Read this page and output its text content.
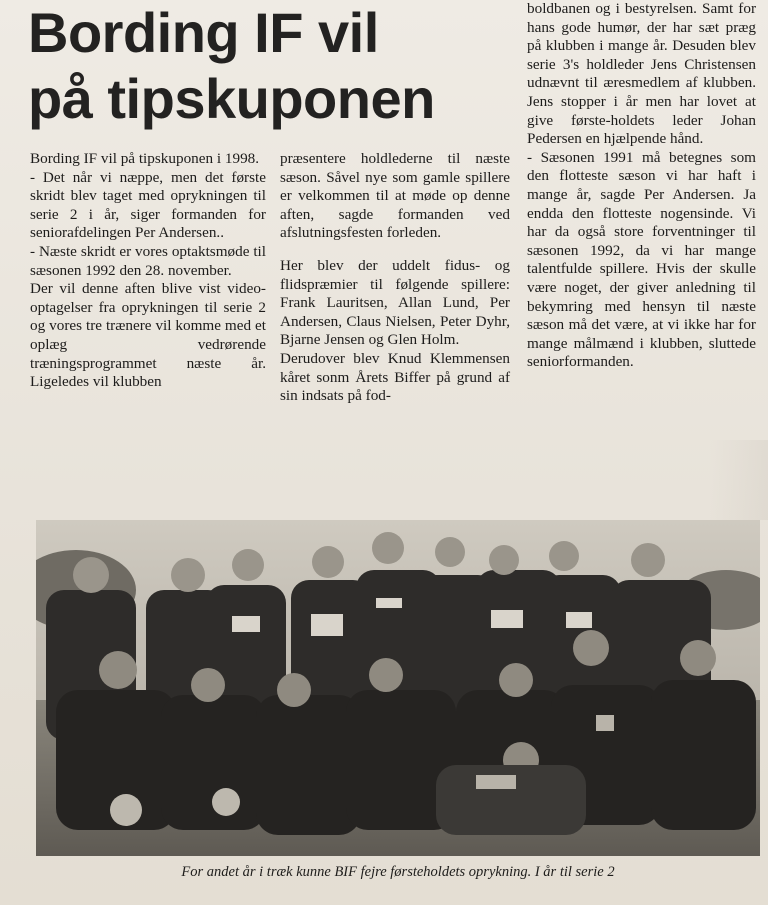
Bording IF vil
på tipskuponen

Bording IF vil på tipskuponen i 1998.

- Det når vi næppe, men det første skridt blev taget med oprykningen til serie 2 i år, siger formanden for seniorafdelingen Per Andersen..

- Næste skridt er vores optaktsmøde til sæsonen 1992 den 28. november.

Der vil denne aften blive vist video-optagelser fra oprykningen til serie 2 og vores tre trænere vil komme med et oplæg vedrørende træningsprogrammet næste år. Ligeledes vil klubben

præsentere holdlederne til næste sæson. Såvel nye som gamle spillere er velkommen til at møde op denne aften, sagde formanden ved afslutningsfesten forleden.

Her blev der uddelt fidus- og flidspræmier til følgende spillere: Frank Lauritsen, Allan Lund, Per Andersen, Claus Nielsen, Peter Dyhr, Bjarne Jensen og Glen Holm.

Derudover blev Knud Klemmensen kåret sonm Årets Biffer på grund af sin indsats på fod-

boldbanen og i bestyrelsen. Samt for hans gode humør, der har sæt præg på klubben i mange år. Desuden blev serie 3's holdleder Jens Christensen udnævnt til æresmedlem af klubben. Jens stopper i år men har lovet at give første-holdets leder Johan Pedersen en hjælpende hånd.

- Sæsonen 1991 må betegnes som den flotteste sæson vi har haft i mange år, sagde Per Andersen. Ja endda den flotteste nogensinde. Vi har da også store forventninger til sæsonen 1992, da vi har mange talentfulde spillere. Hvis der skulle være noget, der giver anledning til bekymring med hensyn til næste sæson må det være, at vi ikke har for mange målmænd i klubben, sluttede seniorformanden.

For andet år i træk kunne BIF fejre førsteholdets oprykning. I år til serie 2
